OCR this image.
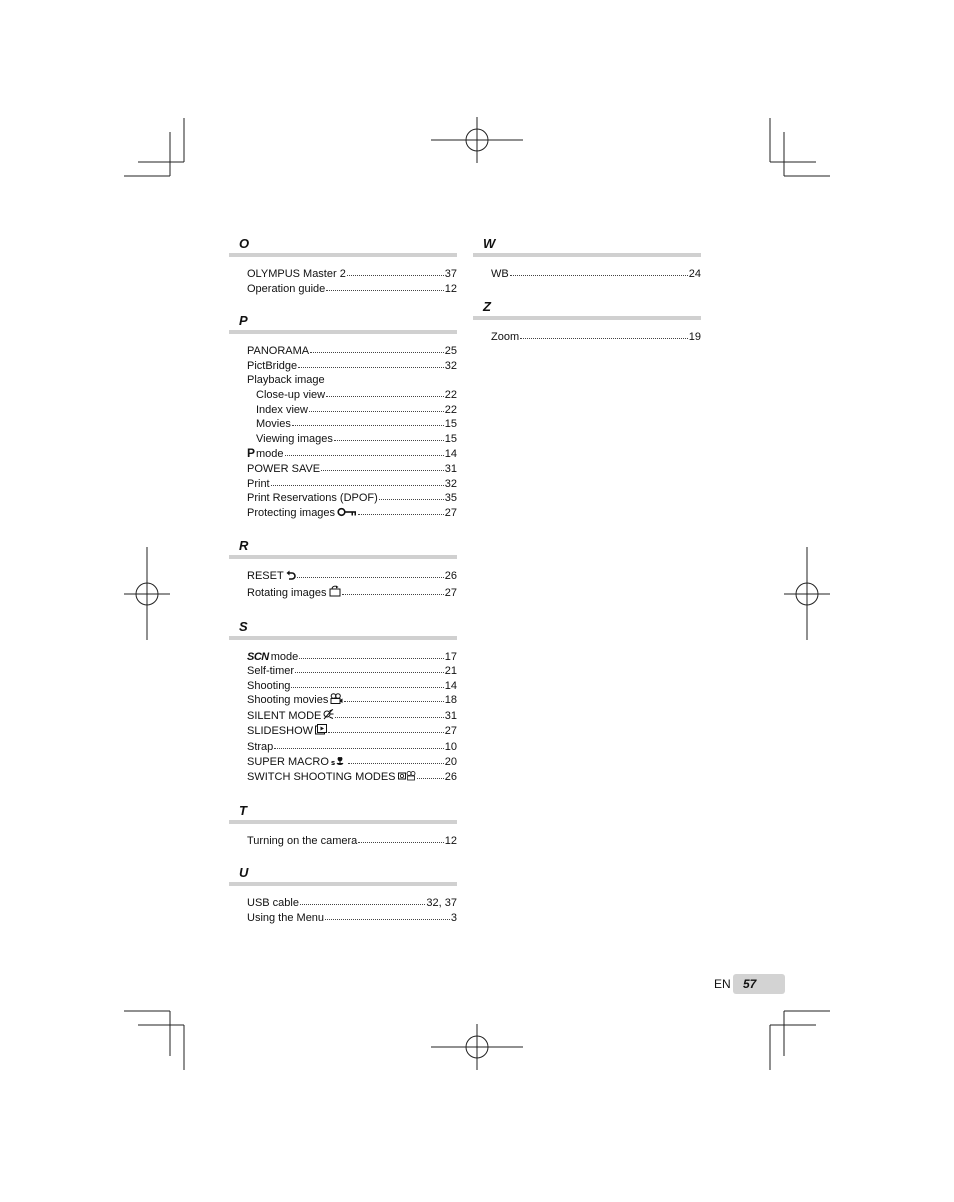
O
OLYMPUS Master 2	37
Operation guide	12
P
PANORAMA	25
PictBridge	32
Playback image
Close-up view	22
Index view	22
Movies	15
Viewing images	15
Pmode	14
POWER SAVE	31
Print	32
Print Reservations (DPOF)	35
Protecting images	27
R
RESET	26
Rotating images	27
S
SCN mode	17
Self-timer	21
Shooting	14
Shooting movies	18
SILENT MODE	31
SLIDESHOW	27
Strap	10
SUPER MACRO s	20
SWITCH SHOOTING MODES	26
T
Turning on the camera	12
U
USB cable	32, 37
Using the Menu	3
W
WB	24
Z
Zoom	19
EN 57
